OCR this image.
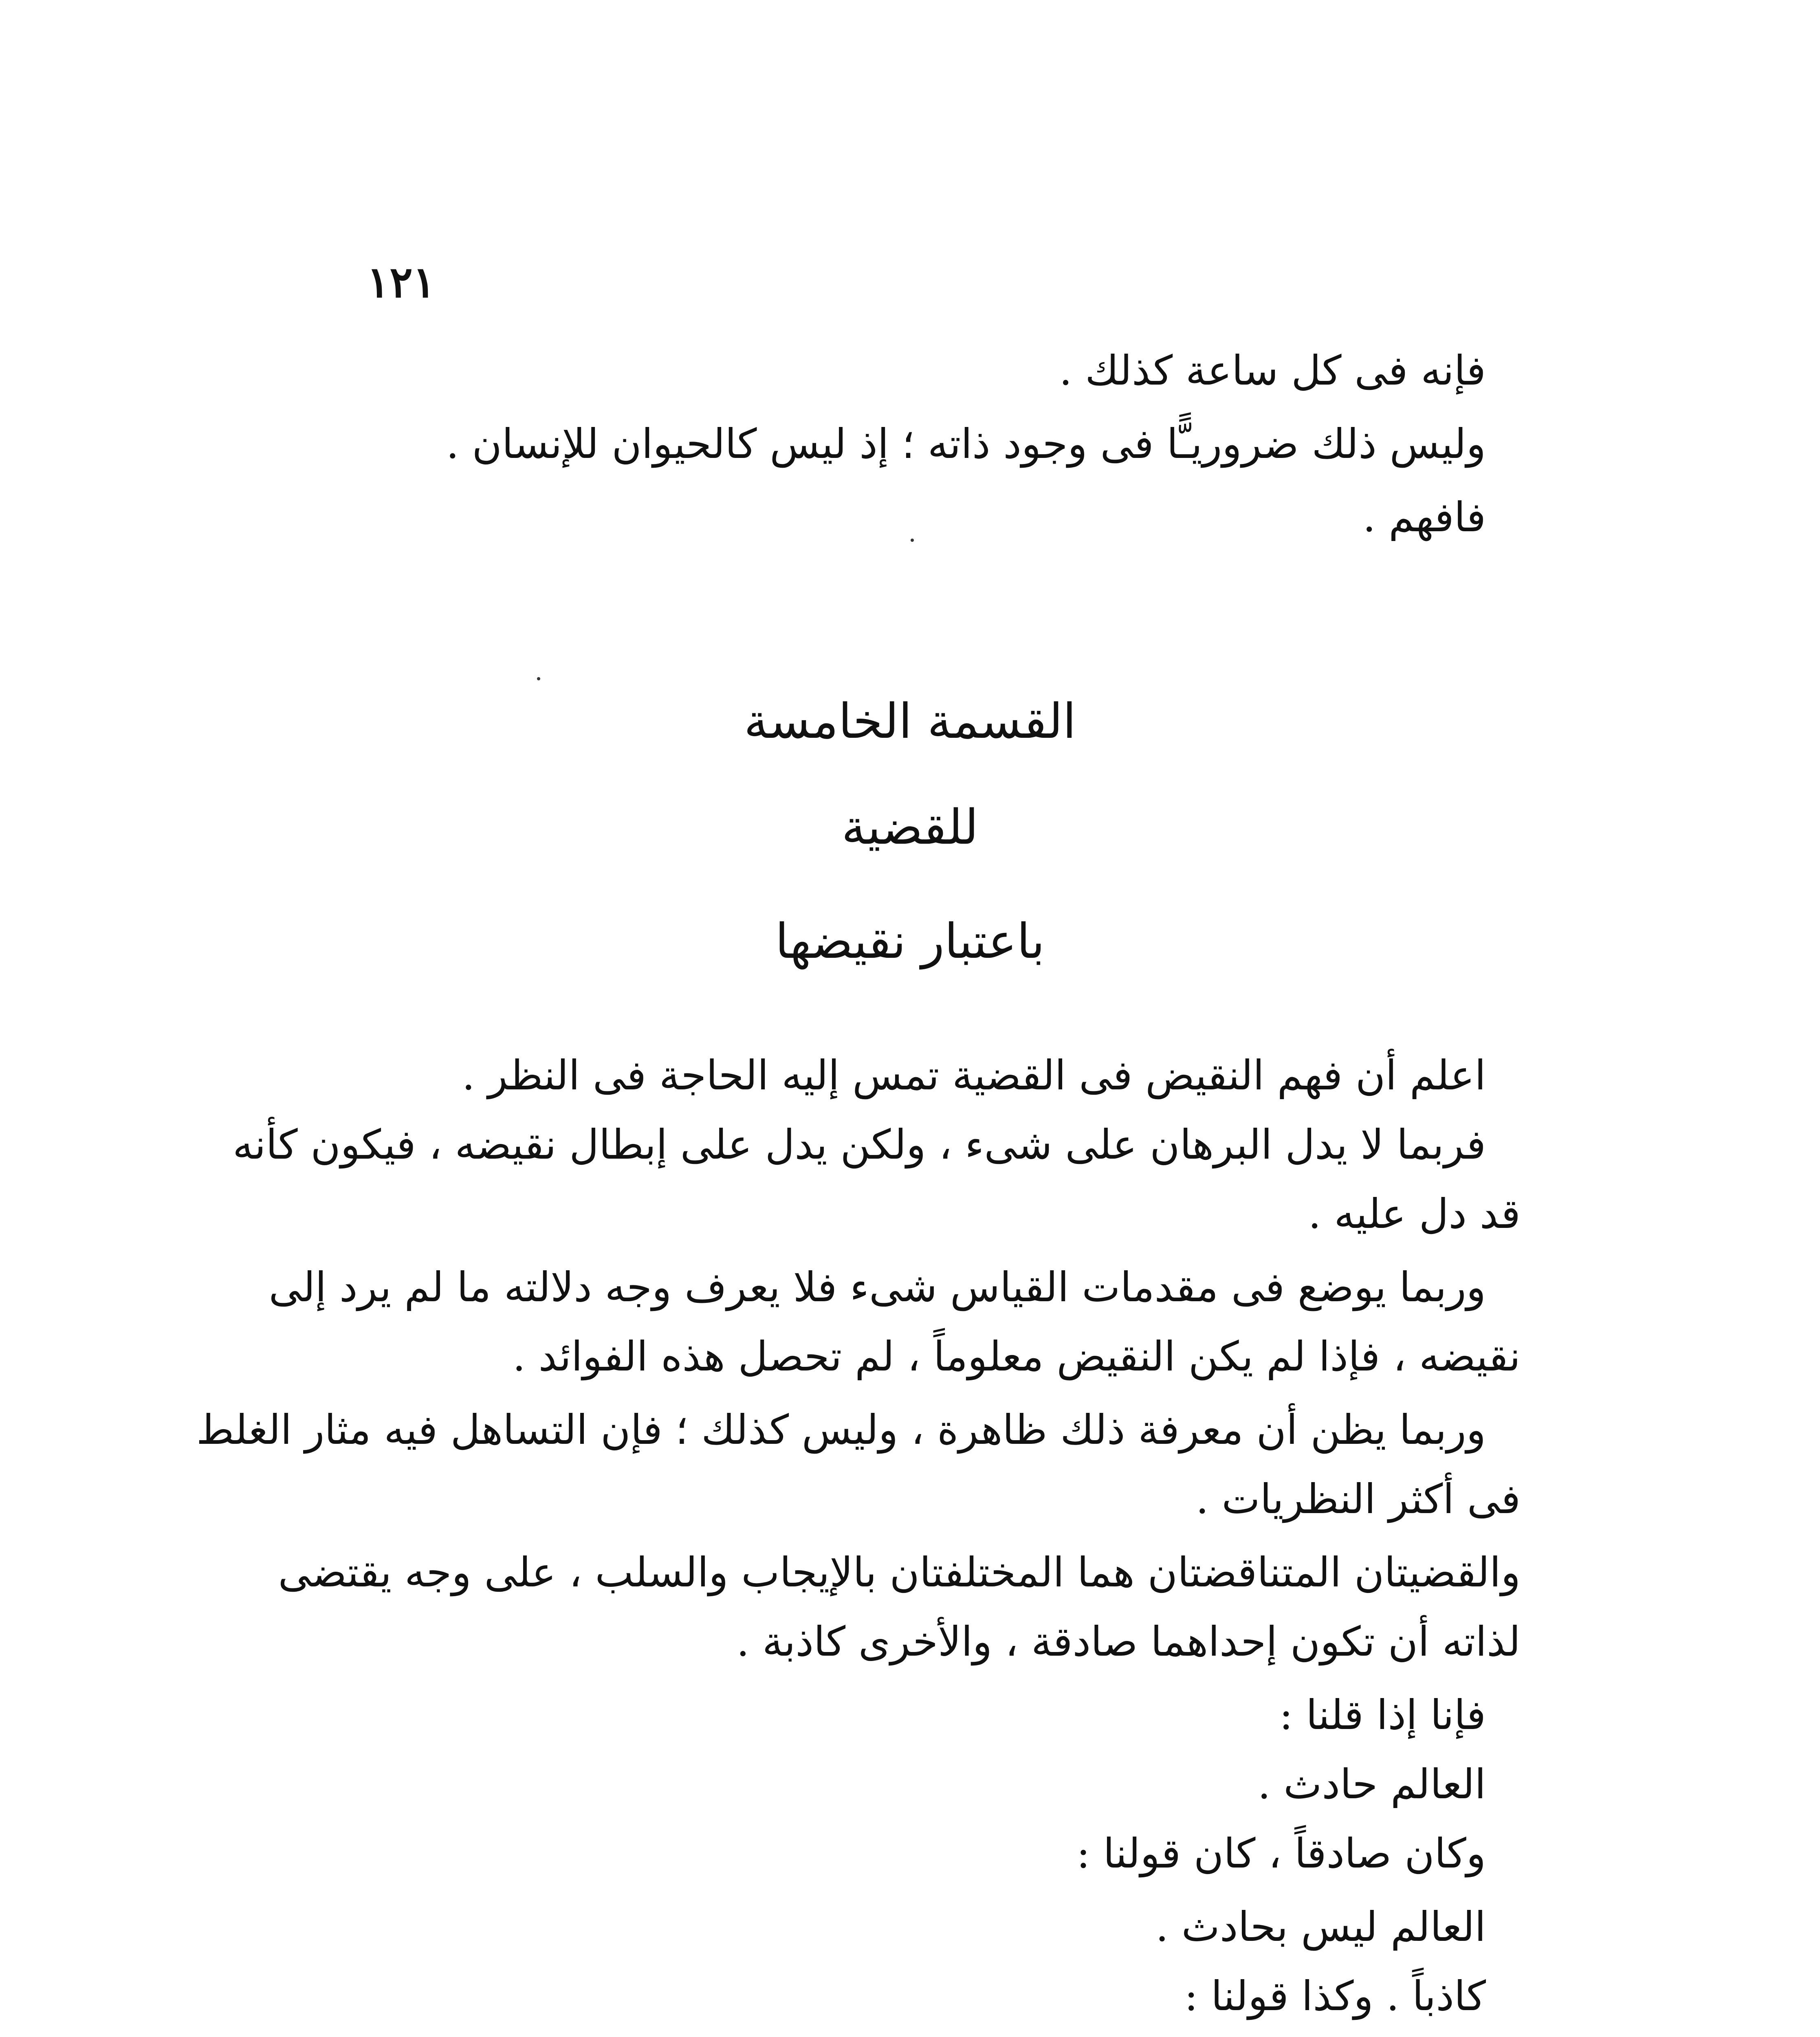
١٢١
فإنه فى كل ساعة كذلك .
وليس ذلك ضروريـًّا فى وجود ذاته ؛ إذ ليس كالحيوان للإنسان .
فافهم .
القسمة الخامسة
للقضية
باعتبار نقيضها
اعلم أن فهم النقيض فى القضية تمس إليه الحاجة فى النظر .
فربما لا يدل البرهان على شىء ، ولكن يدل على إبطال نقيضه ، فيكون كأنه
قد دل عليه .
وربما يوضع فى مقدمات القياس شىء فلا يعرف وجه دلالته ما لم يرد إلى
نقيضه ، فإذا لم يكن النقيض معلوماً ، لم تحصل هذه الفوائد .
وربما يظن أن معرفة ذلك ظاهرة ، وليس كذلك ؛ فإن التساهل فيه مثار الغلط
فى أكثر النظريات .
والقضيتان المتناقضتان هما المختلفتان بالإيجاب والسلب ، على وجه يقتضى
لذاته أن تكون إحداهما صادقة ، والأخرى كاذبة .
فإنا إذا قلنا :
العالم حادث .
وكان صادقاً ، كان قولنا :
العالم ليس بحادث .
كاذباً . وكذا قولنا :
